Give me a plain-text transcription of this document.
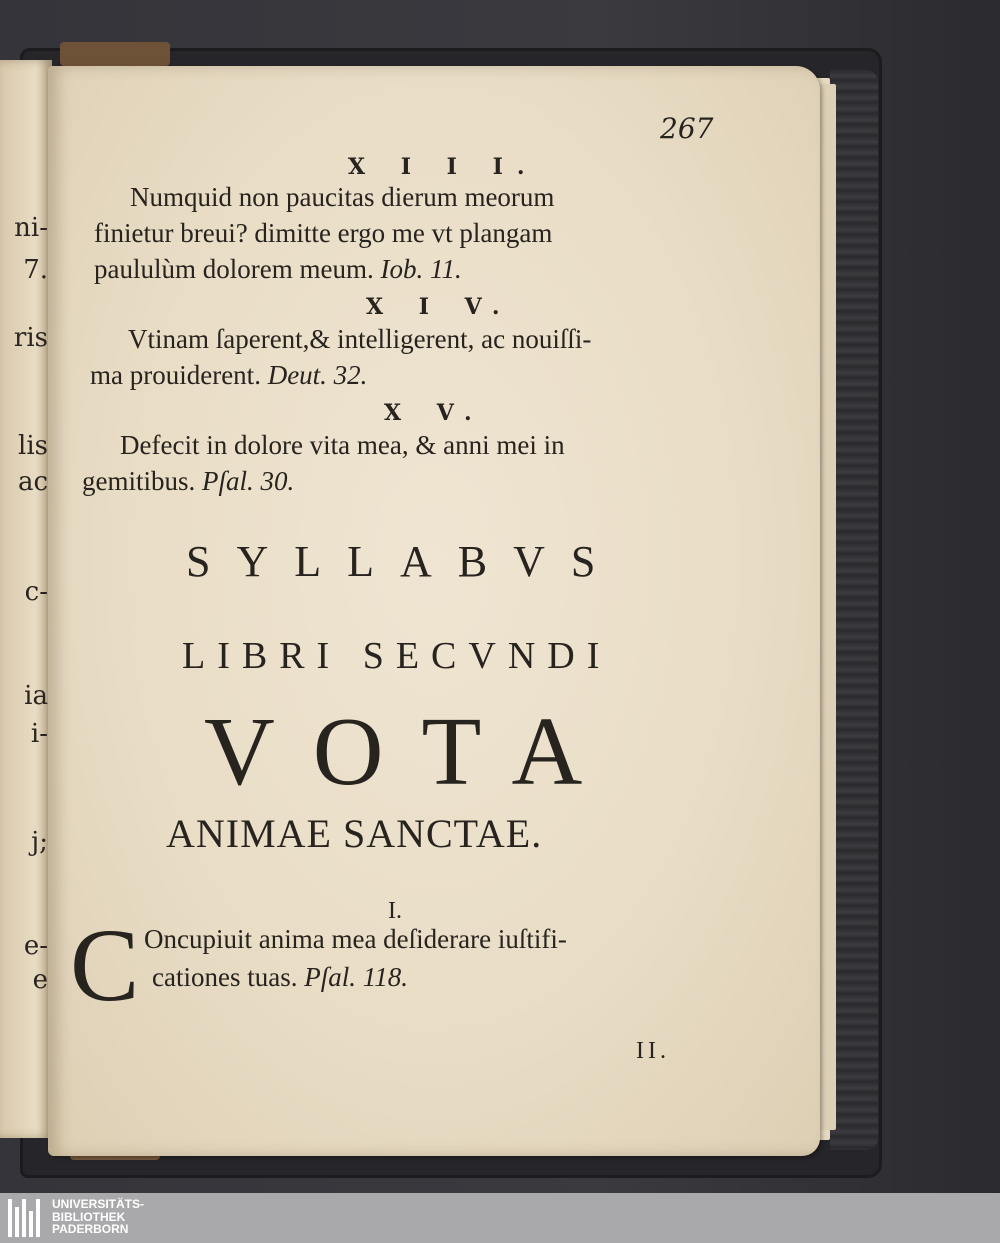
ni-
7.
ris
lis
ac
c-
ia
i-
j;
e-
e
267
X I I I.
Numquid non paucitas dierum meorum
finietur breui? dimitte ergo me vt plangam
paululùm dolorem meum. Iob. 11.
X I V.
Vtinam ſaperent,& intelligerent, ac nouiſſi-
ma prouiderent. Deut. 32.
X V.
Defecit in dolore vita mea, & anni mei in
gemitibus. Pſal. 30.
SYLLABVS
LIBRI SECVNDI
VOTA
ANIMAE SANCTAE.
I.
C Oncupiuit anima mea deſiderare iuſtifi-
cationes tuas. Pſal. 118.
II.
UNIVERSITÄTS-
BIBLIOTHEK
PADERBORN
